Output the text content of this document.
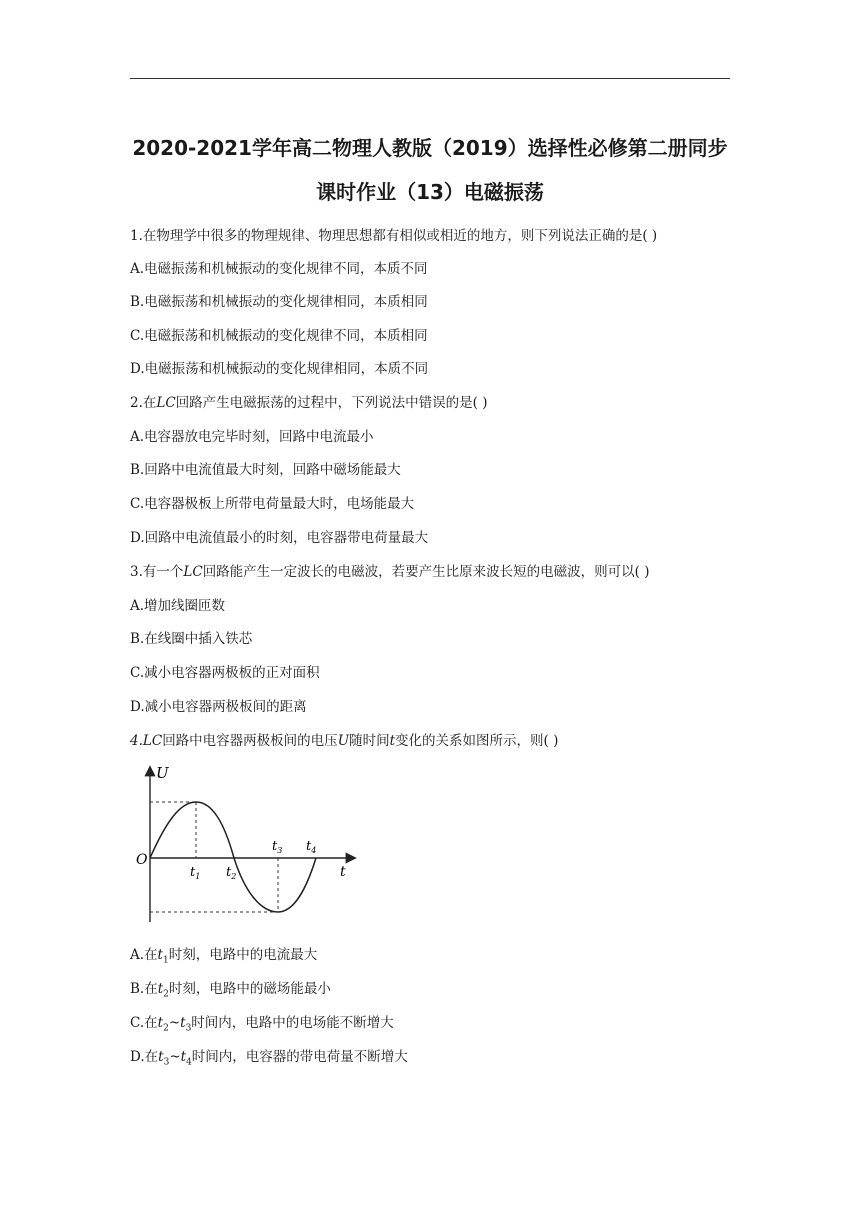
2020-2021学年高二物理人教版（2019）选择性必修第二册同步
课时作业（13）电磁振荡
1.在物理学中很多的物理规律、物理思想都有相似或相近的地方，则下列说法正确的是( )
A.电磁振荡和机械振动的变化规律不同，本质不同
B.电磁振荡和机械振动的变化规律相同，本质相同
C.电磁振荡和机械振动的变化规律不同，本质相同
D.电磁振荡和机械振动的变化规律相同，本质不同
2.在LC回路产生电磁振荡的过程中，下列说法中错误的是( )
A.电容器放电完毕时刻，回路中电流最小
B.回路中电流值最大时刻，回路中磁场能最大
C.电容器极板上所带电荷量最大时，电场能最大
D.回路中电流值最小的时刻，电容器带电荷量最大
3.有一个LC回路能产生一定波长的电磁波，若要产生比原来波长短的电磁波，则可以( )
A.增加线圈匝数
B.在线圈中插入铁芯
C.减小电容器两极板的正对面积
D.减小电容器两极板间的距离
4.LC回路中电容器两极板间的电压U随时间t变化的关系如图所示，则( )
U
t
O
$t_1$ $t_2$
$t_3$ $t_4$
A.在$t_1$时刻，电路中的电流最大
B.在$t_2$时刻，电路中的磁场能最小
C.在$t_2\sim t_3$时间内，电路中的电场能不断增大
D.在$t_3\sim t_4$时间内，电容器的带电荷量不断增大
